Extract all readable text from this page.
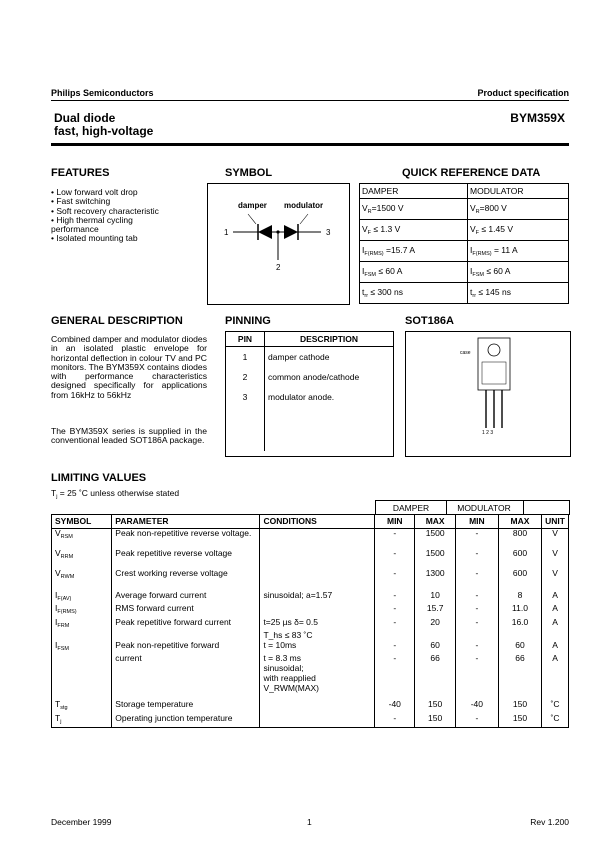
Philips Semiconductors	Product specification
Dual diode
fast, high-voltage
BYM359X
FEATURES
• Low forward volt drop
• Fast switching
• Soft recovery characteristic
• High thermal cycling
performance
• Isolated mounting tab
SYMBOL
damper modulator
1	3
2
QUICK REFERENCE DATA
DAMPER	MODULATOR
$V_R=1500$ V	$V_R=800$ V
$V_F \le 1.3$ V	$V_F \le 1.45$ V
$I_{F(RMS)} =15.7$ A	$I_{F(RMS)} = 11$ A
$I_{FSM} \le 60$ A	$I_{FSM} \le 60$ A
$t_{rr} \le 300$ ns	$t_{rr} \le 145$ ns
GENERAL DESCRIPTION
Combined damper and modulator diodes in an isolated plastic envelope for horizontal deflection in colour TV and PC monitors. The BYM359X contains diodes with performance characteristics designed specifically for applications from 16kHz to 56kHz
The BYM359X series is supplied in the conventional leaded SOT186A package.
PINNING
PIN	DESCRIPTION
1	damper cathode
2	common anode/cathode
3	modulator anode.

SOT186A
case
1 2 3
LIMITING VALUES
$T_j = 25$ ˚C unless otherwise stated
DAMPER	MODULATOR
SYMBOL	PARAMETER	CONDITIONS	MIN	MAX	MIN	MAX	UNIT
$V_{RSM}$	Peak non-repetitive reverse voltage.		-	1500	-	800	V
$V_{RRM}$	Peak repetitive reverse voltage		-	1500	-	600	V
$V_{RWM}$	Crest working reverse voltage		-	1300	-	600	V
$I_{F(AV)}$	Average forward current	sinusoidal; a=1.57	-	10	-	8	A
$I_{F(RMS)}$	RMS forward current		-	15.7	-	11.0	A
$I_{FRM}$	Peak repetitive forward current	t=25 µs δ= 0.5	-	20	-	16.0	A
		T_hs ≤ 83 ˚C					
$I_{FSM}$	Peak non-repetitive forward	t = 10ms	-	60	-	60	A
	current	t = 8.3 ms	-	66	-	66	A
		sinusoidal;					
		with reapplied					
		V_RWM(MAX)					
$T_{stg}$	Storage temperature		-40	150	-40	150	˚C
$T_j$	Operating junction temperature		-	150	-	150	˚C
December 1999	1	Rev 1.200
